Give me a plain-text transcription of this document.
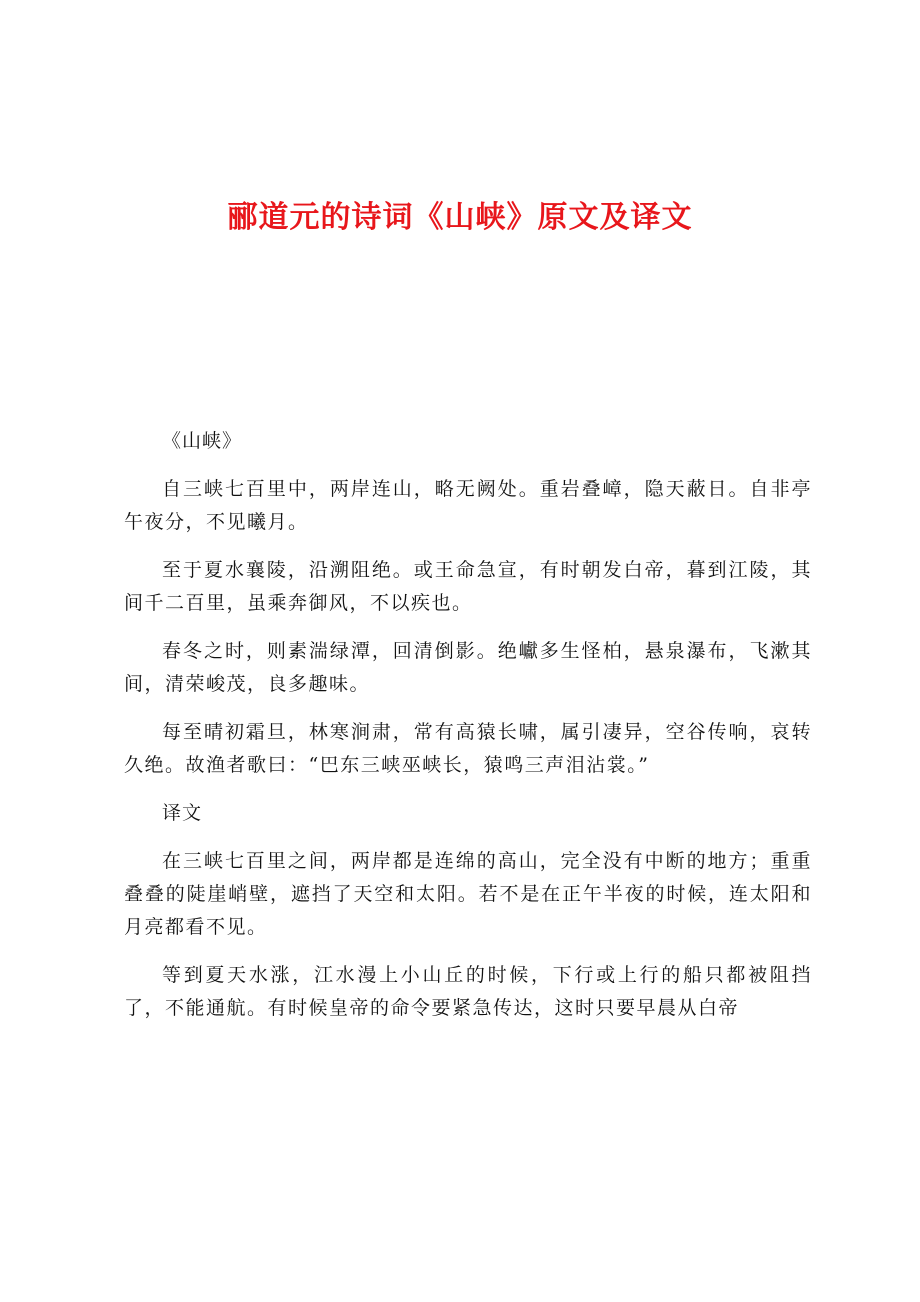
郦道元的诗词《山峡》原文及译文

《山峡》

自三峡七百里中，两岸连山，略无阙处。重岩叠嶂，隐天蔽日。自非亭午夜分，不见曦月。

至于夏水襄陵，沿溯阻绝。或王命急宣，有时朝发白帝，暮到江陵，其间千二百里，虽乘奔御风，不以疾也。

春冬之时，则素湍绿潭，回清倒影。绝巘多生怪柏，悬泉瀑布，飞漱其间，清荣峻茂，良多趣味。

每至晴初霜旦，林寒涧肃，常有高猿长啸，属引凄异，空谷传响，哀转久绝。故渔者歌曰：“巴东三峡巫峡长，猿鸣三声泪沾裳。”

译文

在三峡七百里之间，两岸都是连绵的高山，完全没有中断的地方；重重叠叠的陡崖峭壁，遮挡了天空和太阳。若不是在正午半夜的时候，连太阳和月亮都看不见。

等到夏天水涨，江水漫上小山丘的时候，下行或上行的船只都被阻挡了，不能通航。有时候皇帝的命令要紧急传达，这时只要早晨从白帝
